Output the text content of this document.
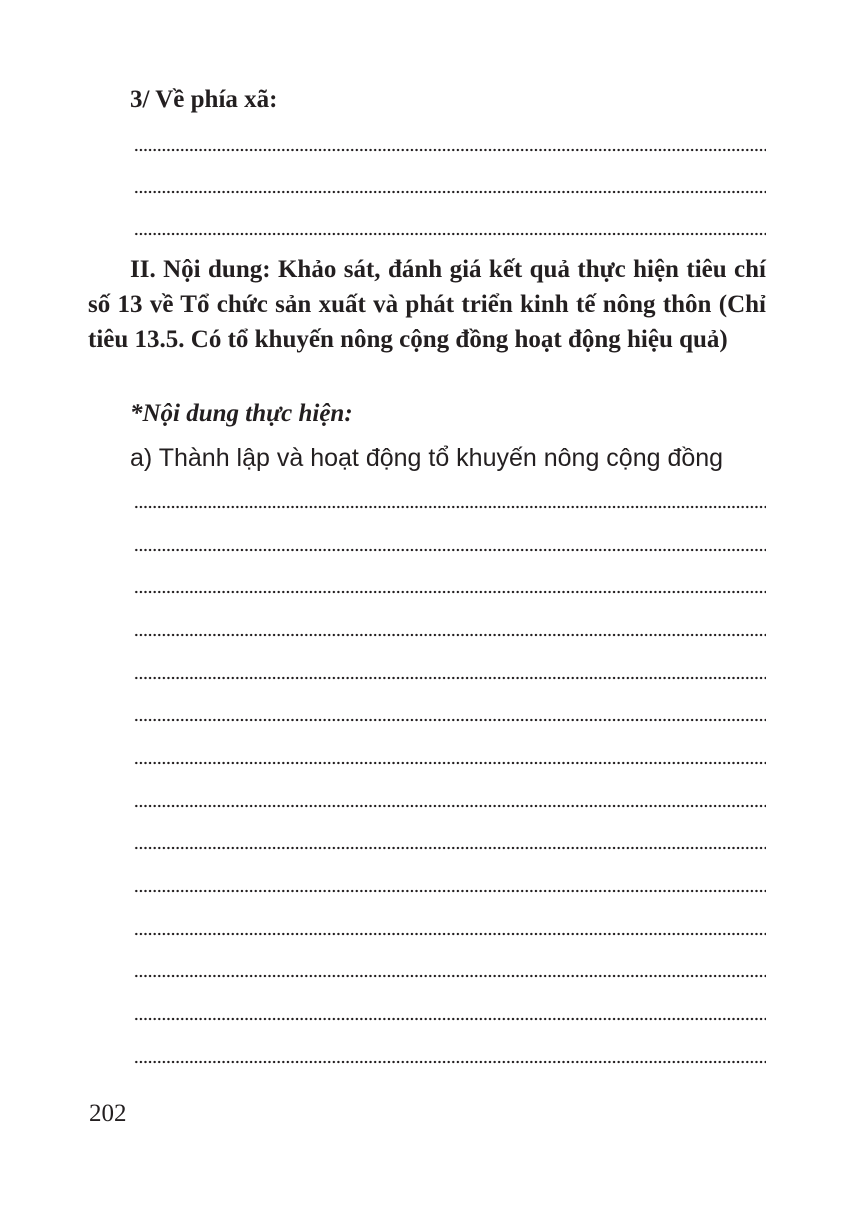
3/ Về phía xã:

II. Nội dung: Khảo sát, đánh giá kết quả thực hiện tiêu chí số 13 về Tổ chức sản xuất và phát triển kinh tế nông thôn (Chỉ tiêu 13.5. Có tổ khuyến nông cộng đồng hoạt động hiệu quả)

*Nội dung thực hiện:
a) Thành lập và hoạt động tổ khuyến nông cộng đồng
202
